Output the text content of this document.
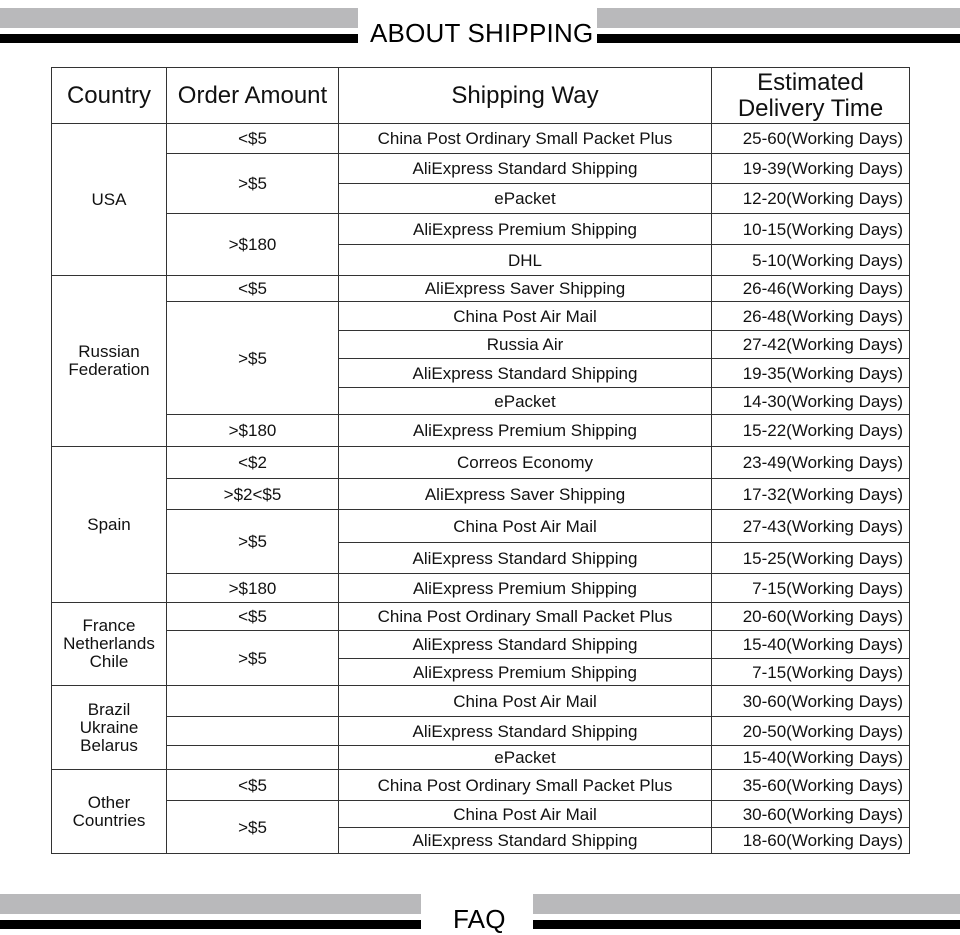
ABOUT SHIPPING
Country	Order Amount	Shipping Way	Estimated
Delivery Time

USA	<$5	China Post Ordinary Small Packet Plus	25-60(Working Days)
	>$5	AliExpress Standard Shipping	19-39(Working Days)
		ePacket	12-20(Working Days)
	>$180	AliExpress Premium Shipping	10-15(Working Days)
		DHL	5-10(Working Days)

Russian
Federation	<$5	AliExpress Saver Shipping	26-46(Working Days)
	>$5	China Post Air Mail	26-48(Working Days)
		Russia Air	27-42(Working Days)
		AliExpress Standard Shipping	19-35(Working Days)
		ePacket	14-30(Working Days)
	>$180	AliExpress Premium Shipping	15-22(Working Days)

Spain	<$2	Correos Economy	23-49(Working Days)
	>$2<$5	AliExpress Saver Shipping	17-32(Working Days)
	>$5	China Post Air Mail	27-43(Working Days)
		AliExpress Standard Shipping	15-25(Working Days)
	>$180	AliExpress Premium Shipping	7-15(Working Days)

France
Netherlands
Chile	<$5	China Post Ordinary Small Packet Plus	20-60(Working Days)
	>$5	AliExpress Standard Shipping	15-40(Working Days)
		AliExpress Premium Shipping	7-15(Working Days)

Brazil
Ukraine
Belarus		China Post Air Mail	30-60(Working Days)
		AliExpress Standard Shipping	20-50(Working Days)
		ePacket	15-40(Working Days)

Other
Countries	<$5	China Post Ordinary Small Packet Plus	35-60(Working Days)
	>$5	China Post Air Mail	30-60(Working Days)
		AliExpress Standard Shipping	18-60(Working Days)
FAQ
